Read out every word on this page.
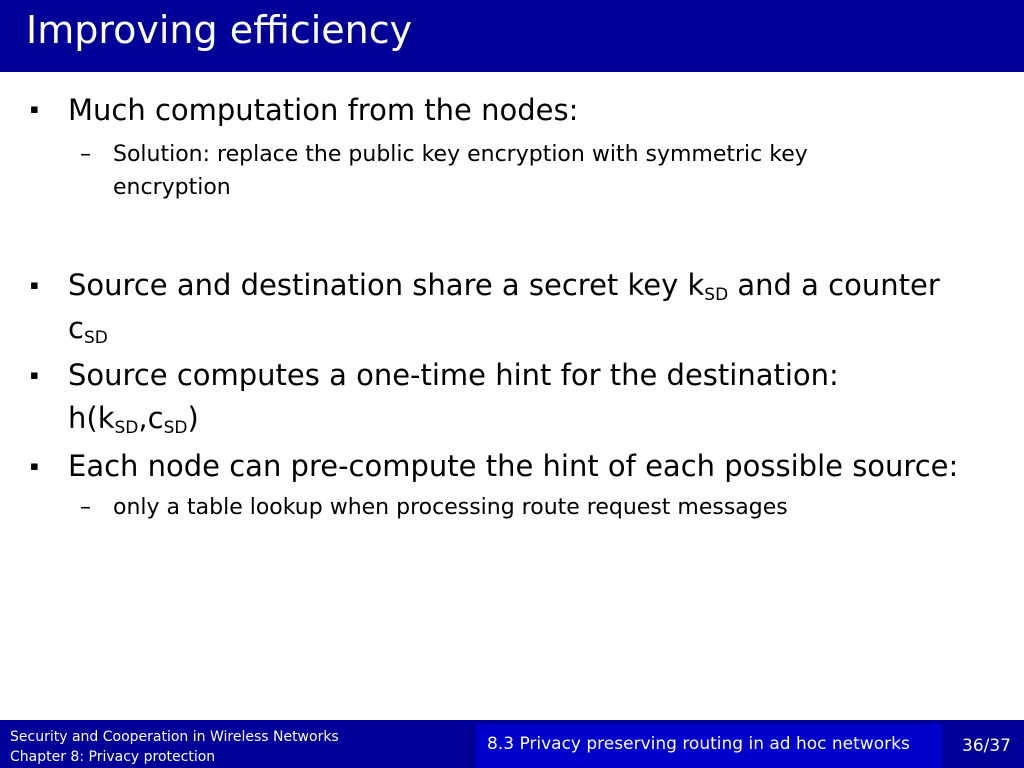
Improving efficiency
▪ Much computation from the nodes:
– Solution: replace the public key encryption with symmetric key
encryption
▪ Source and destination share a secret key $k_{SD}$ and a counter
$c_{SD}$
▪ Source computes a one-time hint for the destination:
$h(k_{SD},c_{SD})$
▪ Each node can pre-compute the hint of each possible source:
– only a table lookup when processing route request messages
Security and Cooperation in Wireless Networks
Chapter 8: Privacy protection
8.3 Privacy preserving routing in ad hoc networks	36/37
